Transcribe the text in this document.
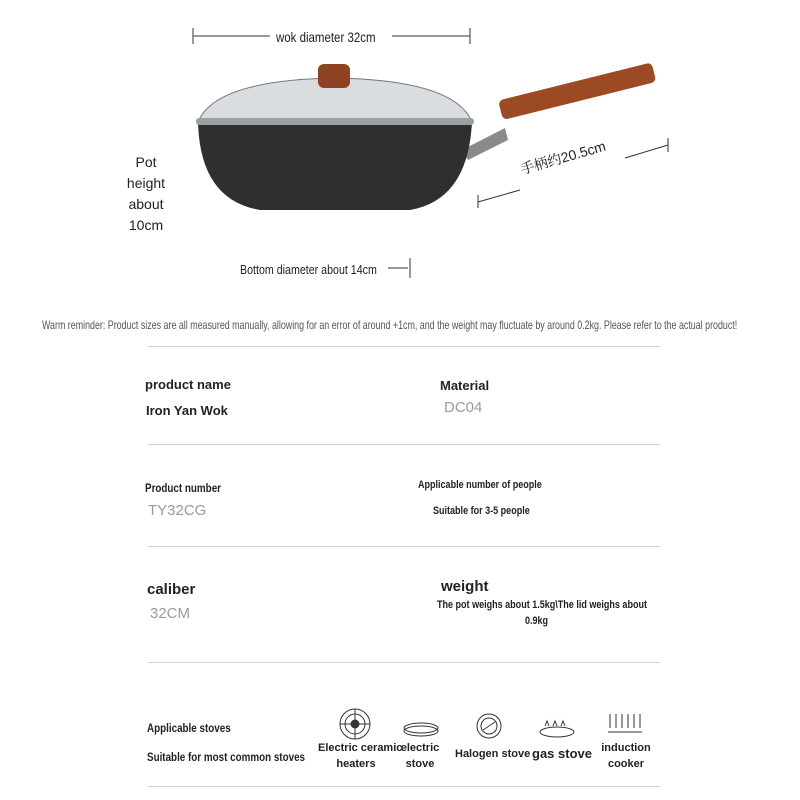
wok diameter 32cm
手柄约20.5cm
Pot
height
about
10cm
Bottom diameter about 14cm
Warm reminder: Product sizes are all measured manually, allowing for an error of around +1cm, and the weight may fluctuate by around 0.2kg. Please refer to the actual product!
product name
Iron Yan Wok
Material
DC04
Product number
TY32CG
Applicable number of people
Suitable for 3-5 people
caliber
32CM
weight
The pot weighs about 1.5kg\The lid weighs about
0.9kg
Applicable stoves
Suitable for most common stoves
Electric ceramic
heaters
electric
stove
Halogen stove gas stove induction
cooker
